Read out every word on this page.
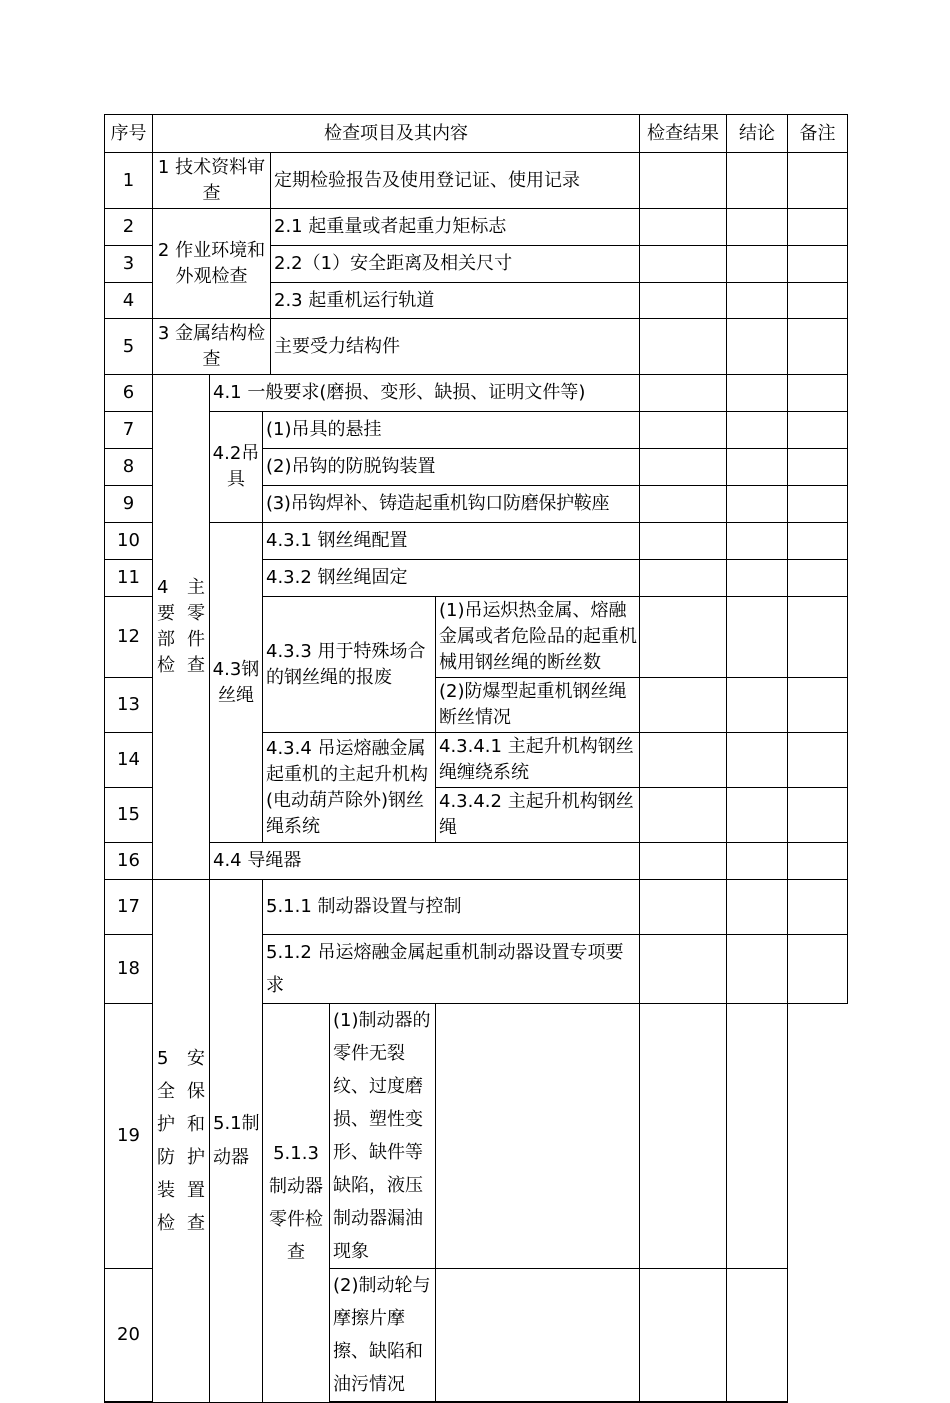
序号	检查项目及其内容						检查结果	结论	备注
1	1 技术资料审查			定期检验报告及使用登记证、使用记录					
2	2 作业环境和外观检查			2.1 起重量或者起重力矩标志					
3				2.2（1）安全距离及相关尺寸					
4				2.3 起重机运行轨道					
5	3 金属结构检查			主要受力结构件					
6	4 主要零部件检查	4.1 一般要求(磨损、变形、缺损、证明文件等)							
7		4.2吊具	(1)吊具的悬挂						
8			(2)吊钩的防脱钩装置						
9			(3)吊钩焊补、铸造起重机钩口防磨保护鞍座						
10		4.3钢丝绳	4.3.1 钢丝绳配置						
11			4.3.2 钢丝绳固定						
12			4.3.3 用于特殊场合的钢丝绳的报废			(1)吊运炽热金属、熔融金属或者危险品的起重机械用钢丝绳的断丝数			
13						(2)防爆型起重机钢丝绳断丝情况			
14			4.3.4 吊运熔融金属起重机的主起升机构(电动葫芦除外)钢丝绳系统			4.3.4.1 主起升机构钢丝绳缠绕系统			
15						4.3.4.2 主起升机构钢丝绳			
16		4.4 导绳器							
17	5 安全保护和防护装置检查	5.1制动器	5.1.1 制动器设置与控制						
18			5.1.2 吊运熔融金属起重机制动器设置专项要求						
19			5.1.3制动器零件检查		(1)制动器的零件无裂纹、过度磨损、塑性变形、缺件等缺陷，液压制动器漏油现象				
20					(2)制动轮与摩擦片摩擦、缺陷和油污情况				
